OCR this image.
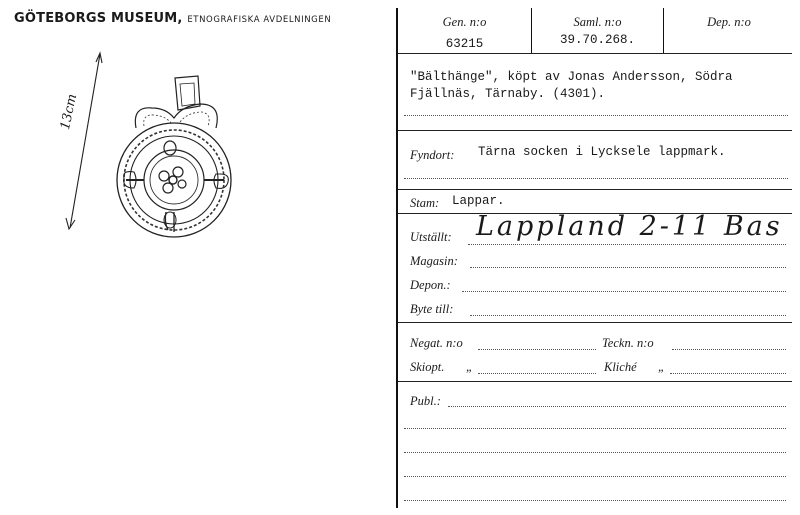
GÖTEBORGS MUSEUM, ETNOGRAFISKA AVDELNINGEN
13cm
Gen. n:o
63215
Saml. n:o
39.70.268.
Dep. n:o
"Bälthänge", köpt av Jonas Andersson, Södra
Fjällnäs, Tärnaby. (4301).
Fyndort: Tärna socken i Lycksele lappmark.
Stam: Lappar.
Utställt: Lappland 2-11 Bas
Magasin:
Depon.:
Byte till:
Negat. n:o	Teckn. n:o
Skiopt. „	Kliché „
Publ.:
